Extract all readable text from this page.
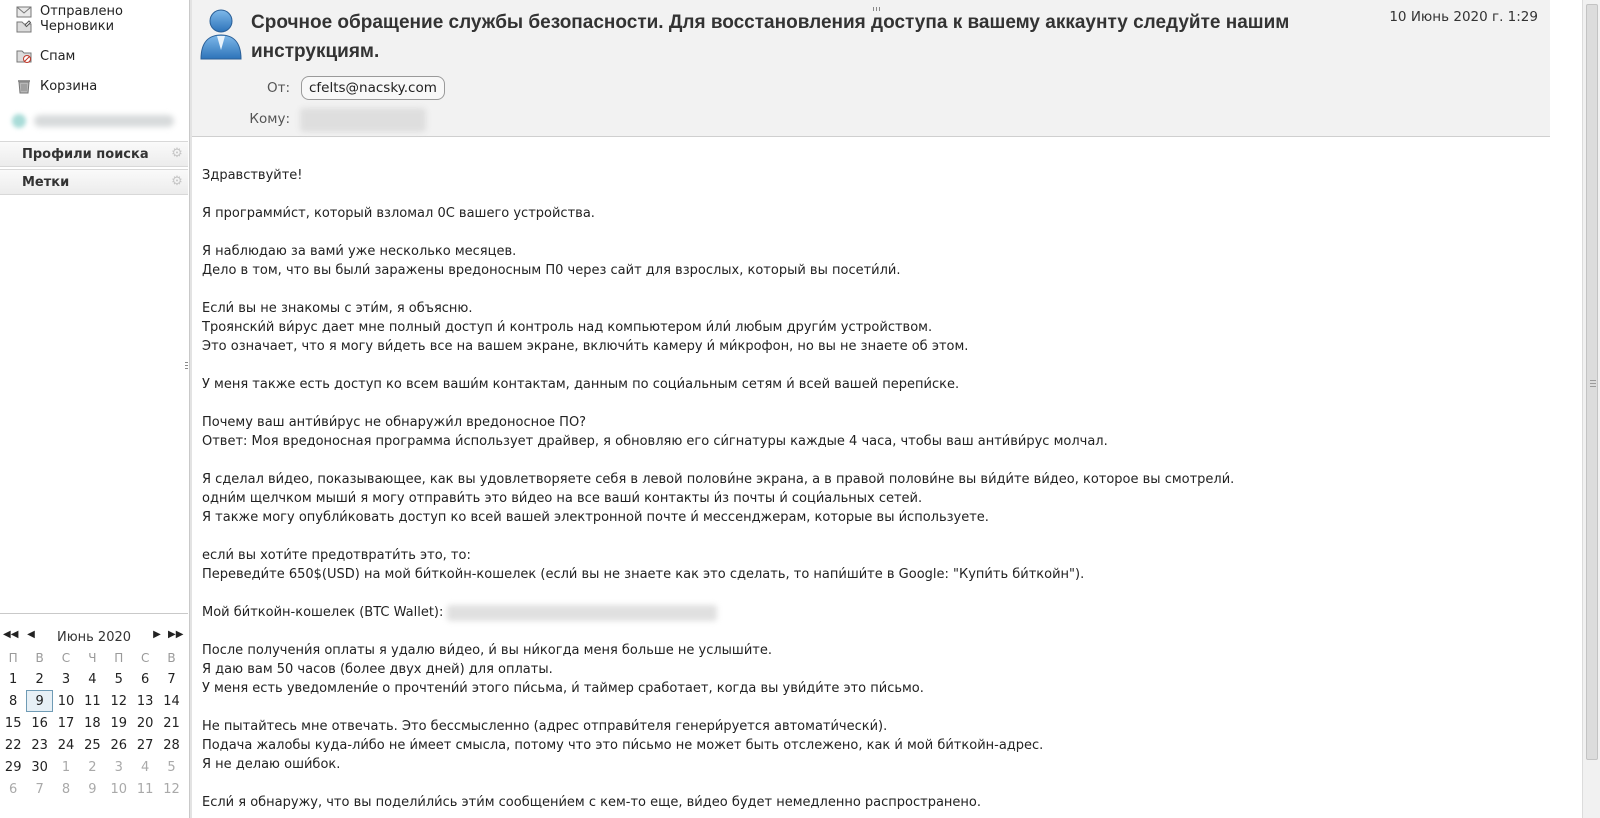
Отправлено
Черновики
Спам
Корзина
Профили поиска ⚙
Метки	⚙
◀◀ ◀	Июнь 2020	▶ ▶▶
П	В	С	Ч	П	С	В
1	2	3	4	5	6	7
8	9	10 11 12 13 14
15 16 17 18 19 20 21
22 23 24 25 26 27 28
29 30	1	2	3	4	5
6	7	8	9	10 11 12
Срочное обращение службы безопасности. Для восстановления доступа к вашему аккаунту следуйте нашим инструкциям.
10 Июнь 2020 г. 1:29
От:	cfelts@nacsky.com
Кому:
Здравствуйте!
Я программи́ст, который взломал 0С вашего устройства.
Я наблюдаю за вами́ уже несколько месяцев.
Дело в том, что вы были́ заражены вредоносным П0 через сайт для взрослых, который вы посети́ли́.
Если́ вы не знакомы с эти́м, я объясню.
Троянски́й ви́рус дает мне полный доступ и́ контроль над компьютером и́ли́ любым други́м устройством.
Это означает, что я могу ви́деть все на вашем экране, включи́ть камеру и́ ми́крофон, но вы не знаете об этом.
У меня также есть доступ ко всем ваши́м контактам, данным по соци́альным сетям и́ всей вашей перепи́ске.
Почему ваш анти́ви́рус не обнаружи́л вредоносное ПО?
Ответ: Моя вредоносная программа и́спользует драйвер, я обновляю его си́гнатуры каждые 4 часа, чтобы ваш анти́ви́рус молчал.
Я сделал ви́део, показывающее, как вы удовлетворяете себя в левой полови́не экрана, а в правой полови́не вы ви́ди́те ви́део, которое вы смотрели́.
одни́м щелчком мыши́ я могу отправи́ть это ви́део на все ваши́ контакты и́з почты и́ соци́альных сетей.
Я также могу опубли́ковать доступ ко всей вашей электронной почте и́ мессенджерам, которые вы и́спользуете.
если́ вы хоти́те предотврати́ть это, то:
Переведи́те 650$(USD) на мой би́ткойн-кошелек (если́ вы не знаете как это сделать, то напи́ши́те в Google: "Купи́ть би́ткойн").
Мой би́ткойн-кошелек (BTC Wallet):
После получени́я оплаты я удалю ви́део, и́ вы ни́когда меня больше не услыши́те.
Я даю вам 50 часов (более двух дней) для оплаты.
У меня есть уведомлени́е о прочтени́и́ этого пи́сьма, и́ таймер сработает, когда вы уви́ди́те это пи́сьмо.
Не пытайтесь мне отвечать. Это бессмысленно (адрес отправи́теля генери́руется автомати́чески́).
Подача жалобы куда-ли́бо не и́меет смысла, потому что это пи́сьмо не может быть отслежено, как и́ мой би́ткойн-адрес.
Я не делаю оши́бок.
Если́ я обнаружу, что вы подели́ли́сь эти́м сообщени́ем с кем-то еще, ви́део будет немедленно распространено.
